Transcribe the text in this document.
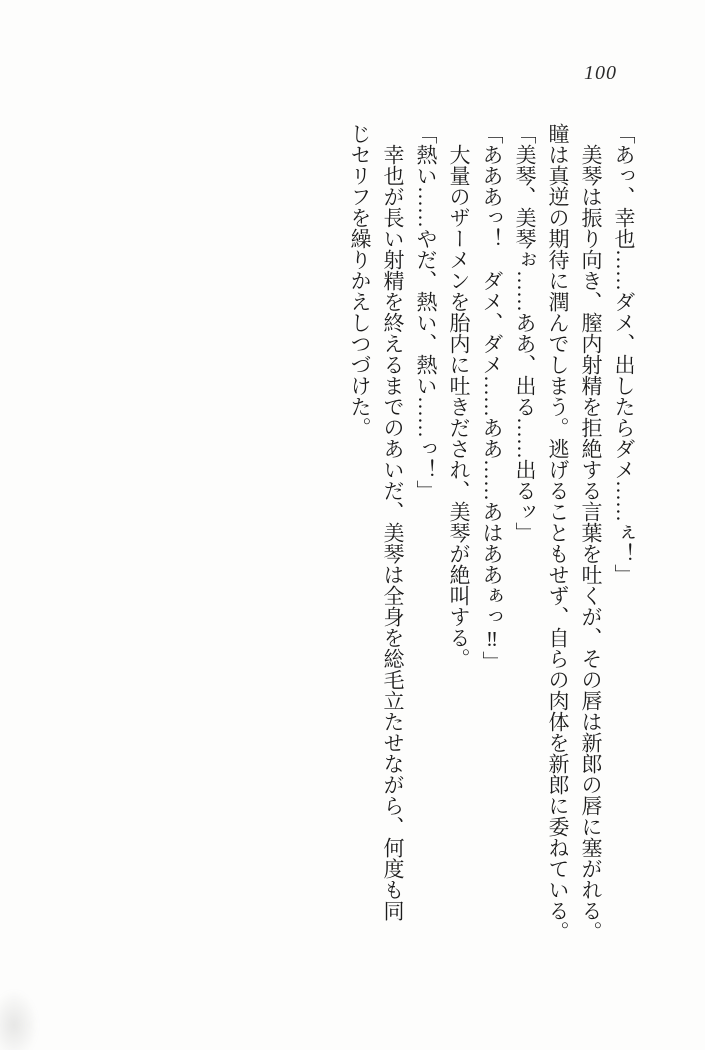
100

「あっ、幸也……ダメ、出したらダメ……ぇ！」

美琴は振り向き、膣内射精を拒絶する言葉を吐くが、その唇は新郎の唇に塞がれる。

瞳は真逆の期待に潤んでしまう。逃げることもせず、自らの肉体を新郎に委ねている。

「美琴、美琴ぉ……ああ、出る……出るッ」

「あああっ！　ダメ、ダメ……ああ……あはああぁっ‼」

大量のザーメンを胎内に吐きだされ、美琴が絶叫する。

「熱い……やだ、熱い、熱い……っ！」

幸也が長い射精を終えるまでのあいだ、美琴は全身を総毛立たせながら、何度も同

じセリフを繰りかえしつづけた。
